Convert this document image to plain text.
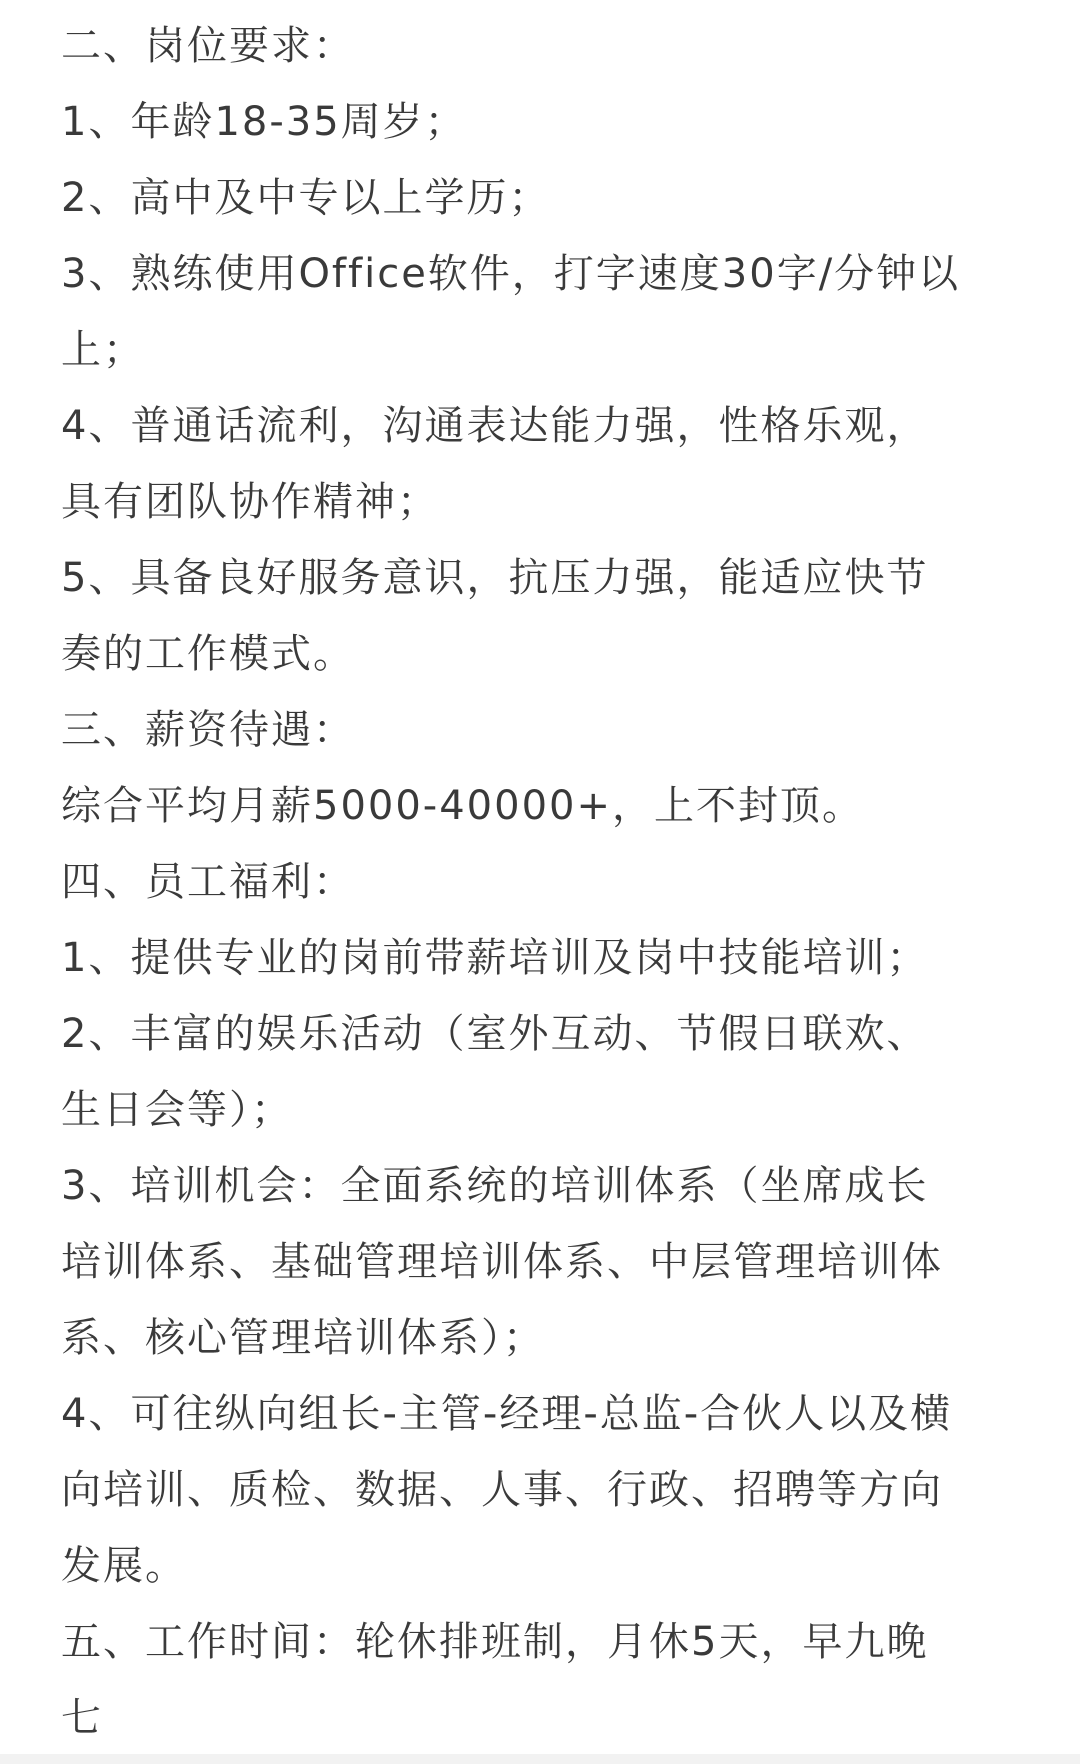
二、岗位要求：
1、年龄18-35周岁；
2、高中及中专以上学历；
3、熟练使用Office软件，打字速度30字/分钟以
上；
4、普通话流利，沟通表达能力强，性格乐观，
具有团队协作精神；
5、具备良好服务意识，抗压力强，能适应快节
奏的工作模式。
三、薪资待遇：
综合平均月薪5000-40000+，上不封顶。
四、员工福利：
1、提供专业的岗前带薪培训及岗中技能培训；
2、丰富的娱乐活动（室外互动、节假日联欢、
生日会等）；
3、培训机会：全面系统的培训体系（坐席成长
培训体系、基础管理培训体系、中层管理培训体
系、核心管理培训体系）；
4、可往纵向组长-主管-经理-总监-合伙人以及横
向培训、质检、数据、人事、行政、招聘等方向
发展。
五、工作时间：轮休排班制，月休5天，早九晚
七
